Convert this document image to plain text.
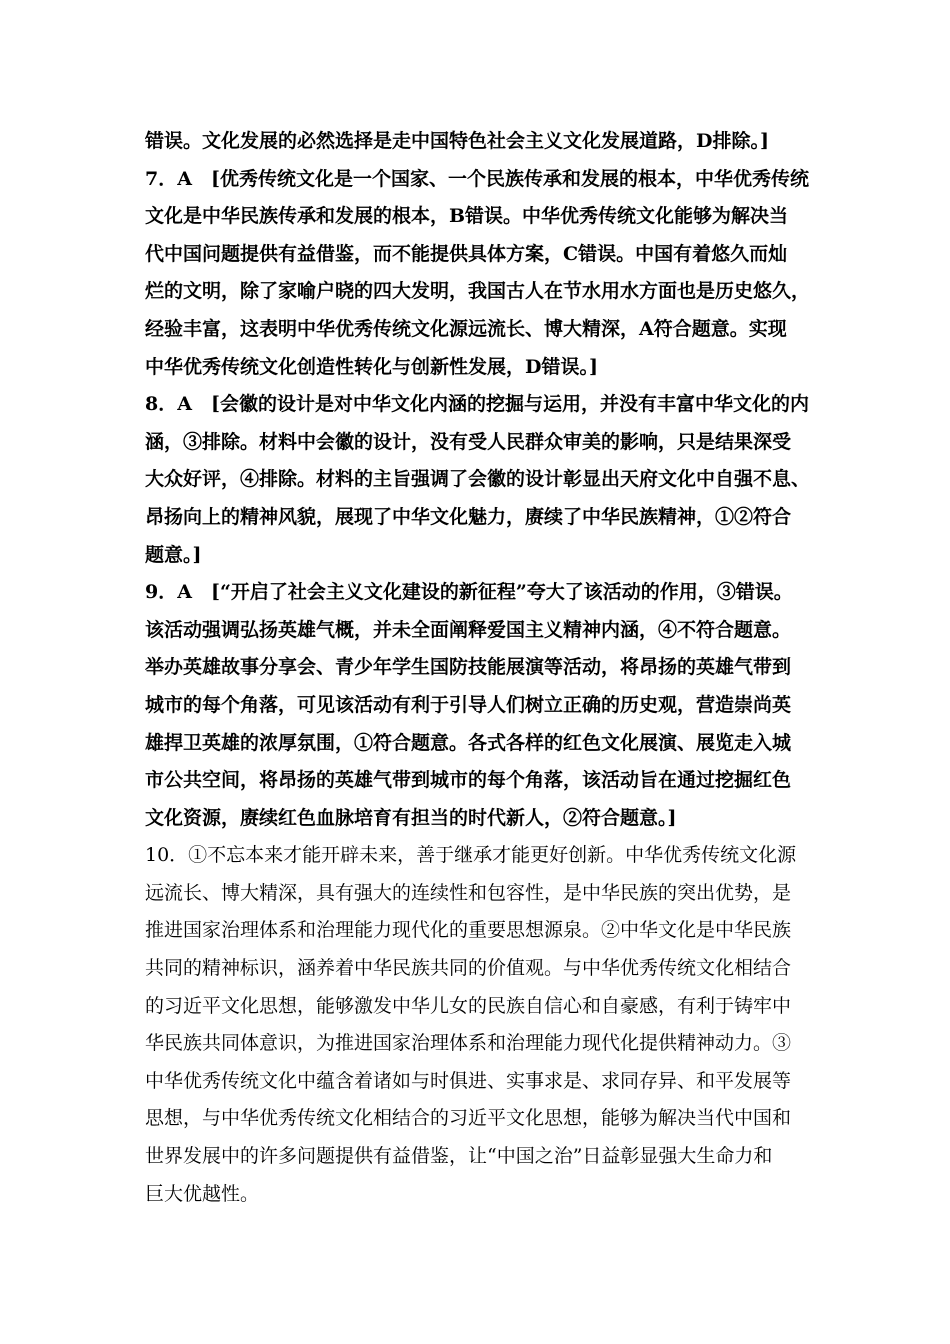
错误。文化发展的必然选择是走中国特色社会主义文化发展道路，D排除。]
7．A　[优秀传统文化是一个国家、一个民族传承和发展的根本，中华优秀传统
文化是中华民族传承和发展的根本，B错误。中华优秀传统文化能够为解决当
代中国问题提供有益借鉴，而不能提供具体方案，C错误。中国有着悠久而灿
烂的文明，除了家喻户晓的四大发明，我国古人在节水用水方面也是历史悠久，
经验丰富，这表明中华优秀传统文化源远流长、博大精深，A符合题意。实现
中华优秀传统文化创造性转化与创新性发展，D错误。]
8．A　[会徽的设计是对中华文化内涵的挖掘与运用，并没有丰富中华文化的内
涵，③排除。材料中会徽的设计，没有受人民群众审美的影响，只是结果深受
大众好评，④排除。材料的主旨强调了会徽的设计彰显出天府文化中自强不息、
昂扬向上的精神风貌，展现了中华文化魅力，赓续了中华民族精神，①②符合
题意。]
9．A　[“开启了社会主义文化建设的新征程”夸大了该活动的作用，③错误。
该活动强调弘扬英雄气概，并未全面阐释爱国主义精神内涵，④不符合题意。
举办英雄故事分享会、青少年学生国防技能展演等活动，将昂扬的英雄气带到
城市的每个角落，可见该活动有利于引导人们树立正确的历史观，营造崇尚英
雄捍卫英雄的浓厚氛围，①符合题意。各式各样的红色文化展演、展览走入城
市公共空间，将昂扬的英雄气带到城市的每个角落，该活动旨在通过挖掘红色
文化资源，赓续红色血脉培育有担当的时代新人，②符合题意。]
10．①不忘本来才能开辟未来，善于继承才能更好创新。中华优秀传统文化源
远流长、博大精深，具有强大的连续性和包容性，是中华民族的突出优势，是
推进国家治理体系和治理能力现代化的重要思想源泉。②中华文化是中华民族
共同的精神标识，涵养着中华民族共同的价值观。与中华优秀传统文化相结合
的习近平文化思想，能够激发中华儿女的民族自信心和自豪感，有利于铸牢中
华民族共同体意识，为推进国家治理体系和治理能力现代化提供精神动力。③
中华优秀传统文化中蕴含着诸如与时俱进、实事求是、求同存异、和平发展等
思想，与中华优秀传统文化相结合的习近平文化思想，能够为解决当代中国和
世界发展中的许多问题提供有益借鉴，让“中国之治”日益彰显强大生命力和
巨大优越性。
